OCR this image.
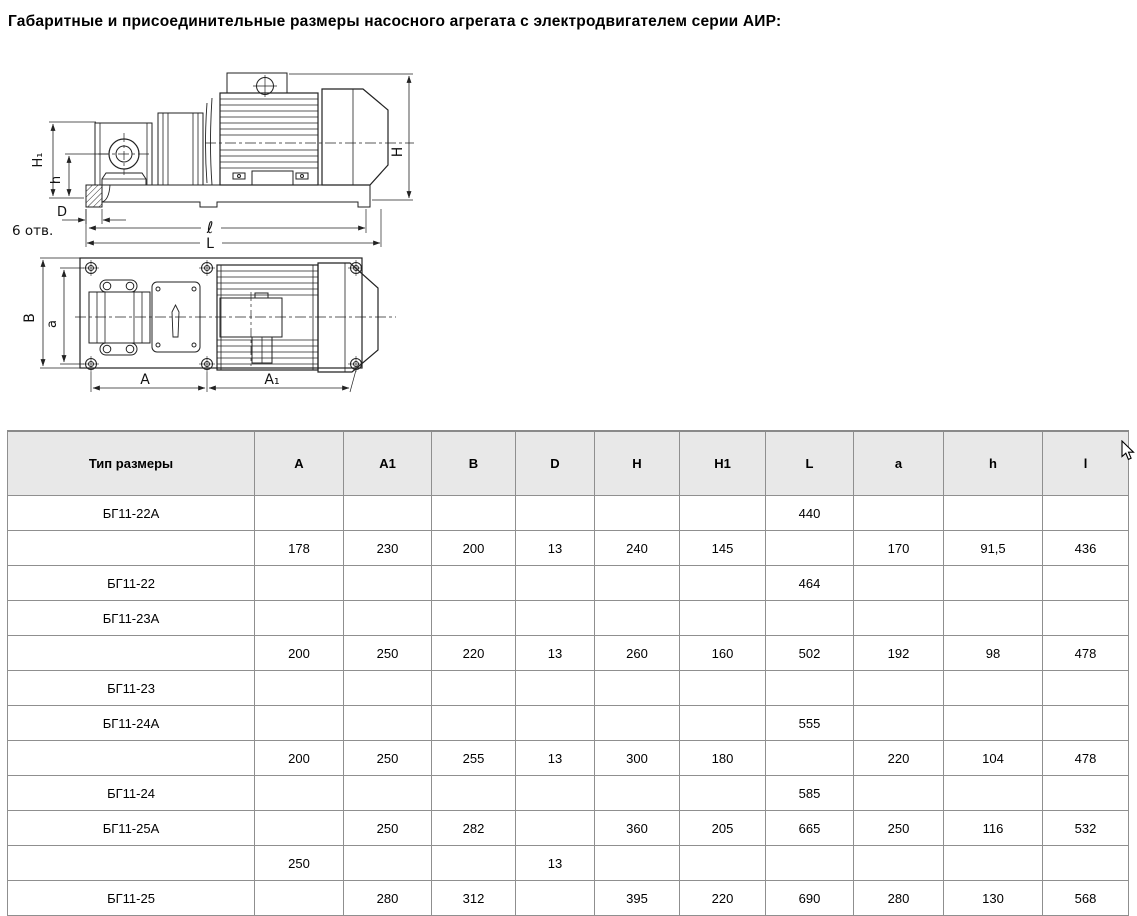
Габаритные и присоединительные размеры насосного агрегата с электродвигателем серии АИР:
H₁
h
H
D
6 отв.	ℓ
L
B
a
A	A₁
Тип размеры	A	A1	B	D	H	H1	L	a	h	l
БГ11-22А							440			
	178	230	200	13	240	145		170	91,5	436
БГ11-22							464			
БГ11-23А										
	200	250	220	13	260	160	502	192	98	478
БГ11-23										
БГ11-24А							555			
	200	250	255	13	300	180		220	104	478
БГ11-24							585			
БГ11-25А		250	282		360	205	665	250	116	532
	250			13						
БГ11-25		280	312		395	220	690	280	130	568
